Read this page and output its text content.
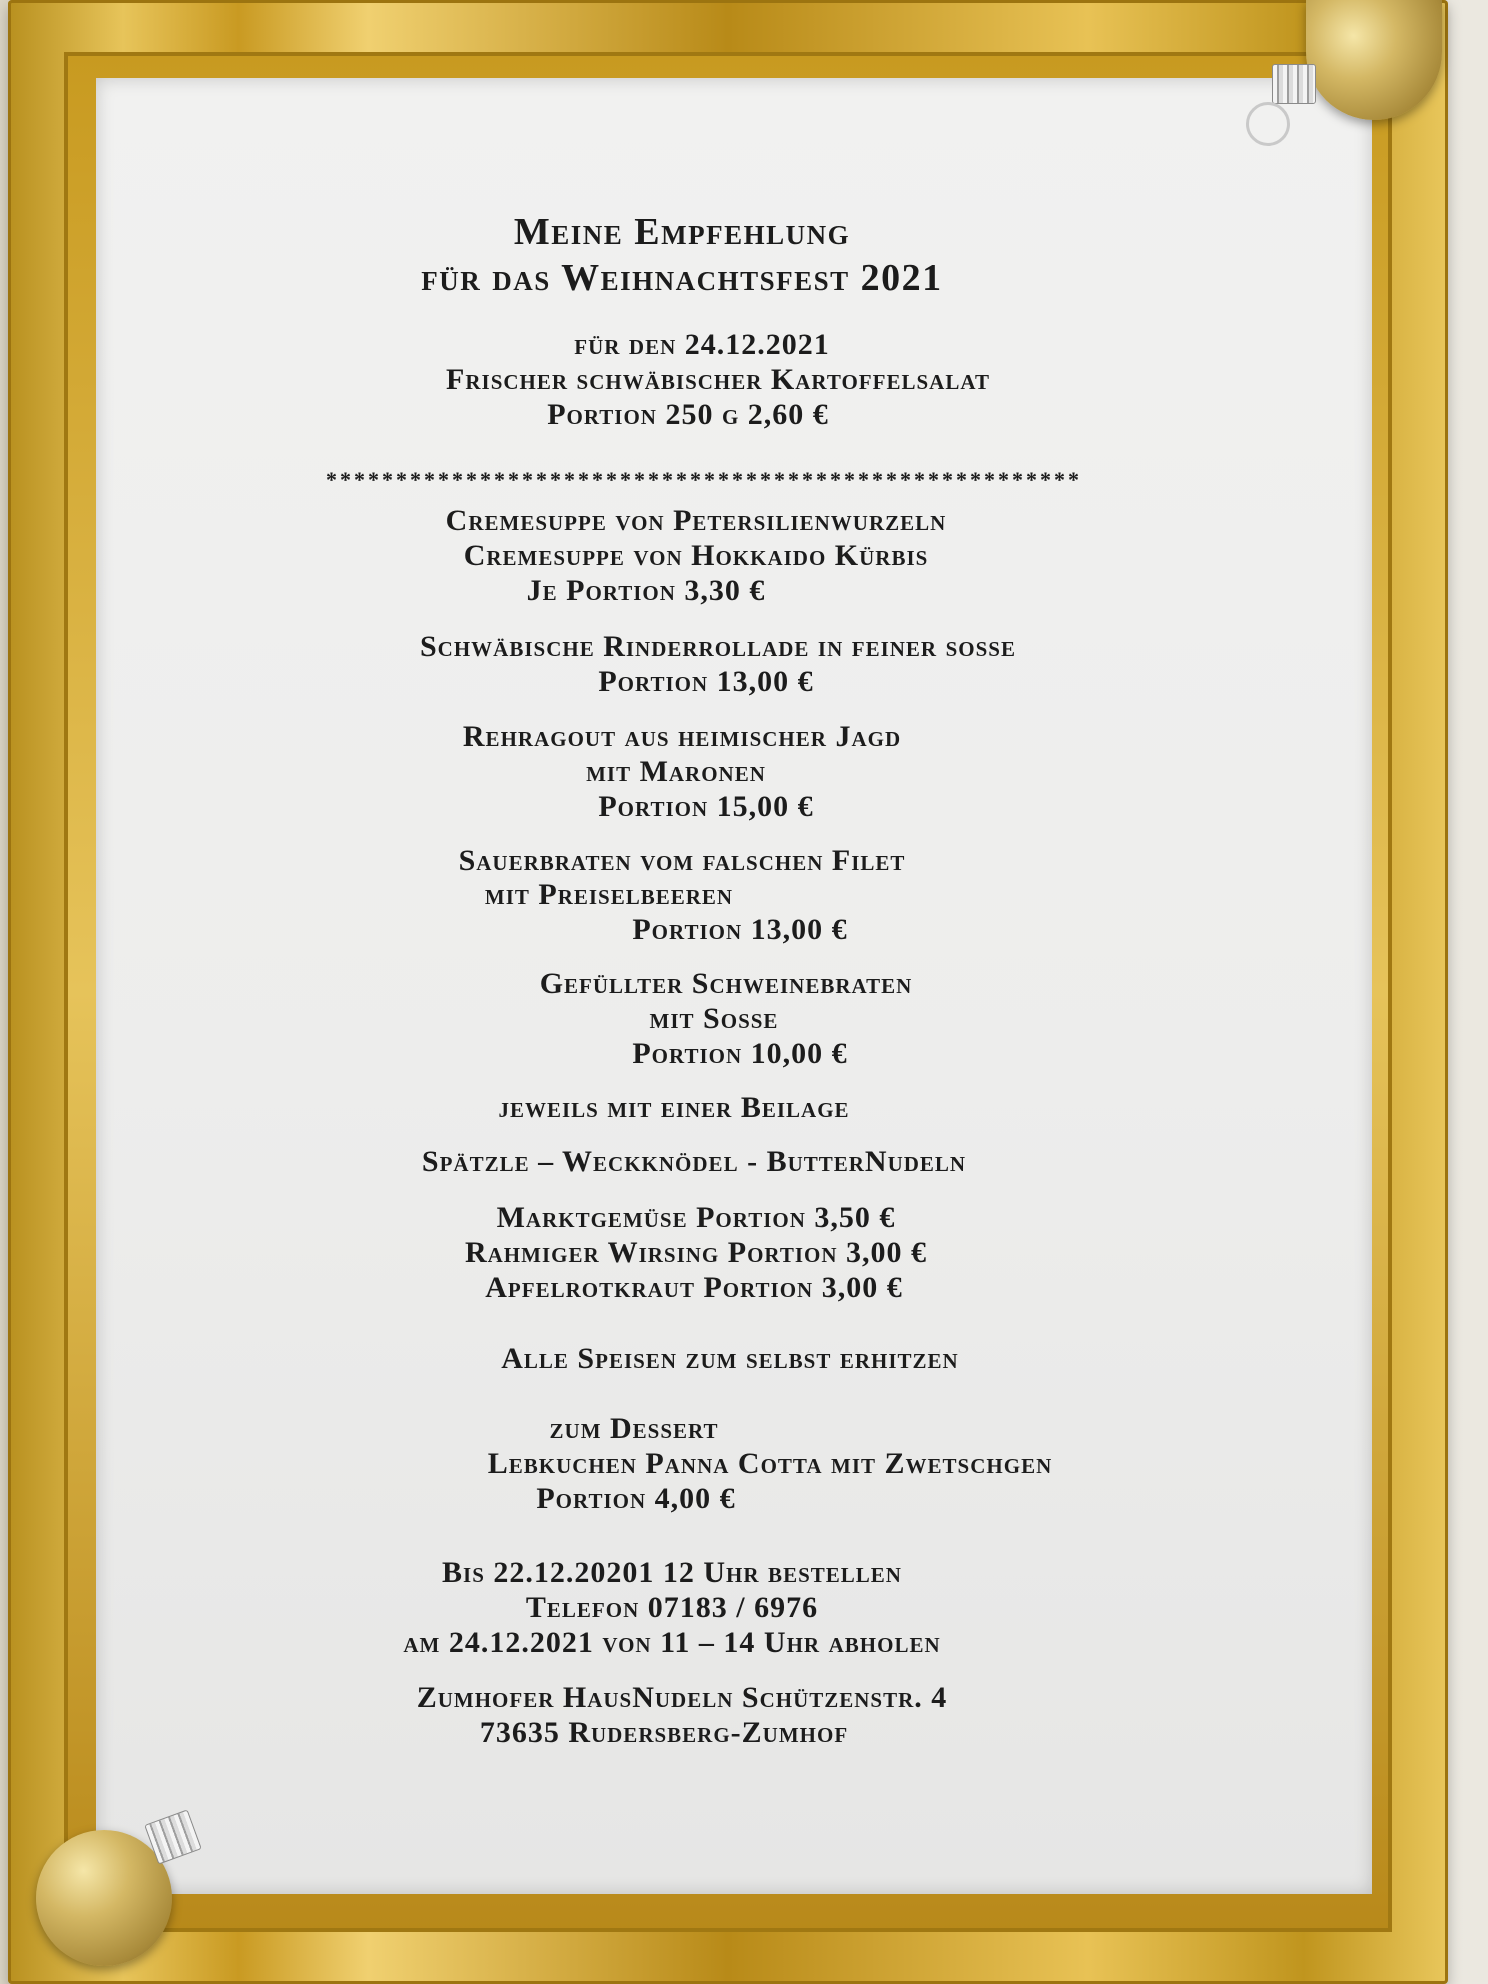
Meine Empfehlung
für das Weihnachtsfest 2021
für den 24.12.2021
Frischer schwäbischer Kartoffelsalat
Portion 250 g 2,60 €
******************************************************
Cremesuppe von Petersilienwurzeln
Cremesuppe von Hokkaido Kürbis
Je Portion 3,30 €
Schwäbische Rinderrollade in feiner sosse
Portion 13,00 €
Rehragout aus heimischer Jagd
mit Maronen
Portion 15,00 €
Sauerbraten vom falschen Filet
mit Preiselbeeren
Portion 13,00 €
Gefüllter Schweinebraten
mit Sosse
Portion 10,00 €
jeweils mit einer Beilage
Spätzle – Weckknödel - ButterNudeln
Marktgemüse Portion 3,50 €
Rahmiger Wirsing Portion 3,00 €
Apfelrotkraut Portion 3,00 €
Alle Speisen zum selbst erhitzen
zum Dessert
Lebkuchen Panna Cotta mit Zwetschgen
Portion 4,00 €
Bis 22.12.20201 12 Uhr bestellen
Telefon 07183 / 6976
am 24.12.2021 von 11 – 14 Uhr abholen
Zumhofer HausNudeln Schützenstr. 4
73635 Rudersberg-Zumhof
